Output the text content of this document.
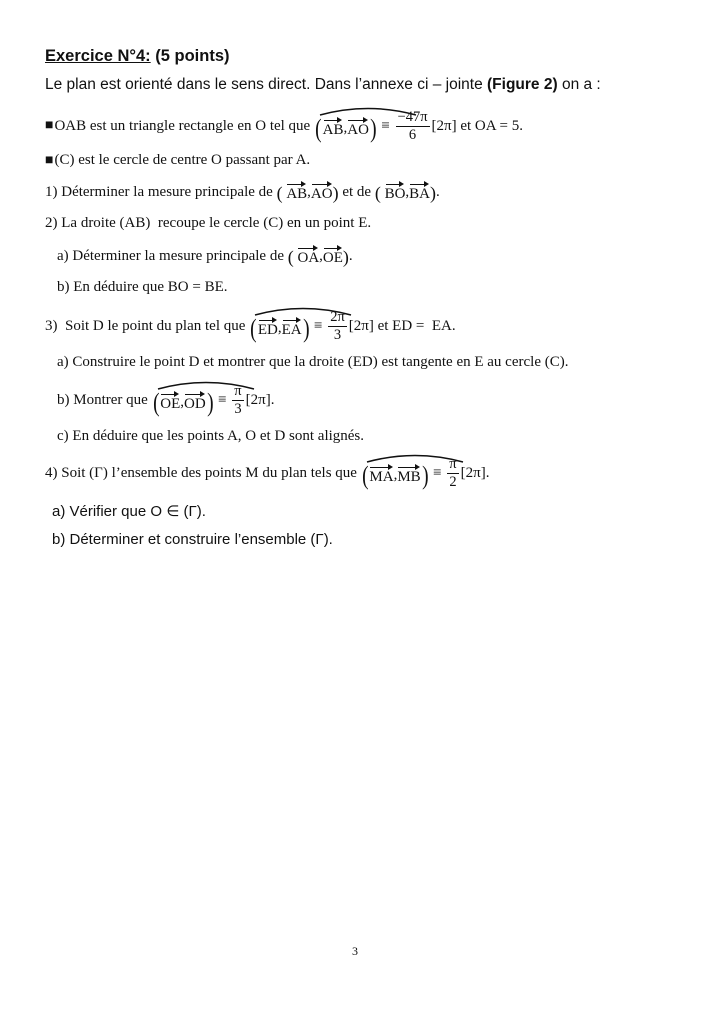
Exercice N°4:
(5 points)
Le plan est orienté dans le sens direct. Dans l’annexe ci – jointe (Figure 2) on a :
■ OAB est un triangle rectangle en O tel que ( AB , AO )
≡
$\frac{-47\pi}{6} [2\pi]$ et OA = 5.
■ (C) est le cercle de centre O passant par A.
1) Déterminer la mesure principale de (
AB , AO ) et de (
BO , BA ) .
2) La droite (AB)  recoupe le cercle (C) en un point E.
a) Déterminer la mesure principale de (
OA , OE ) .
b) En déduire que BO = BE.
3)  Soit D le point du plan tel que ( ED , EA )
≡
$\frac{2\pi}{3} [2\pi]$ et ED =  EA.
a) Construire le point D et montrer que la droite (ED) est tangente en E au cercle (C).
b) Montrer que ( OE , OD )
≡
$\frac{\pi}{3} [2\pi]$.
c) En déduire que les points A, O et D sont alignés.
4) Soit (Γ) l’ensemble des points M du plan tels que ( MA , MB )
≡
$\frac{\pi}{2} [2\pi]$.
a) Vérifier que O ∈ (Γ).
b) Déterminer et construire l’ensemble (Γ).
3
